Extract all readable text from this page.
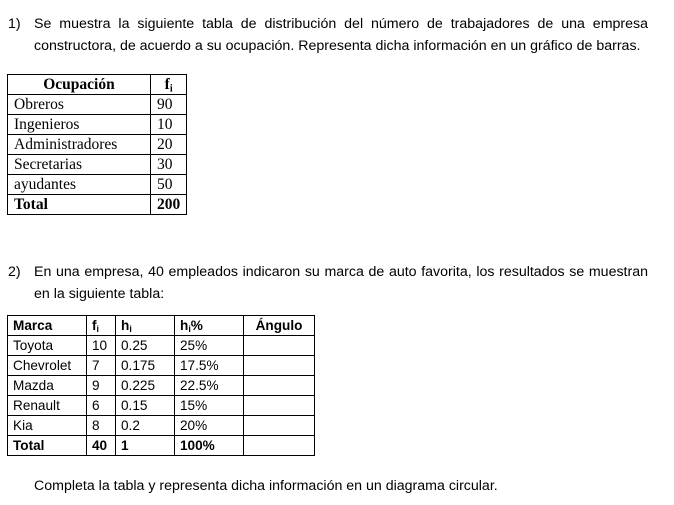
1) Se muestra la siguiente tabla de distribución del número de trabajadores de una empresa constructora, de acuerdo a su ocupación. Representa dicha información en un gráfico de barras.
Ocupación	$f_i$
Obreros	90
Ingenieros	10
Administradores	20
Secretarias	30
ayudantes	50
Total	200
2) En una empresa, 40 empleados indicaron su marca de auto favorita, los resultados se muestran en la siguiente tabla:
Marca	$f_i$	$h_i$	$h_i\%$	Ángulo
Toyota	10	0.25	25%	
Chevrolet	7	0.175	17.5%	
Mazda	9	0.225	22.5%	
Renault	6	0.15	15%	
Kia	8	0.2	20%	
Total	40	1	100%	
Completa la tabla y representa dicha información en un diagrama circular.
